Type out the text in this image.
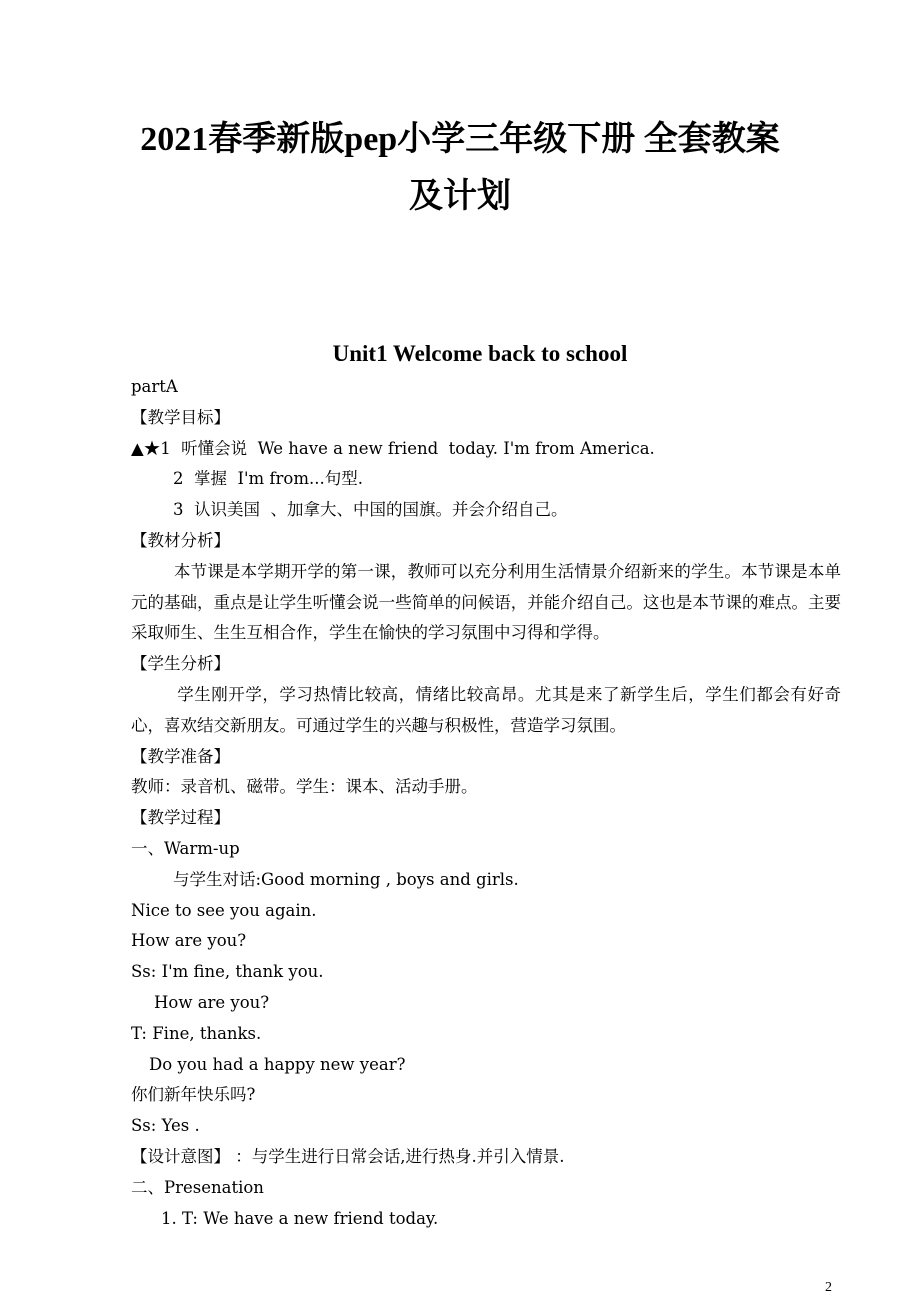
2021春季新版pep小学三年级下册 全套教案
及计划
Unit1 Welcome back to school
partA
【教学目标】
▲★1  听懂会说  We have a new friend  today. I'm from America.
2  掌握  I'm from...句型.
3  认识美国  、加拿大、中国的国旗。并会介绍自己。
【教材分析】
本节课是本学期开学的第一课，教师可以充分利用生活情景介绍新来的学生。本节课是本单元的基础，重点是让学生听懂会说一些简单的问候语，并能介绍自己。这也是本节课的难点。主要采取师生、生生互相合作，学生在愉快的学习氛围中习得和学得。
【学生分析】
学生刚开学，学习热情比较高，情绪比较高昂。尤其是来了新学生后，学生们都会有好奇心，喜欢结交新朋友。可通过学生的兴趣与积极性，营造学习氛围。
【教学准备】
教师：录音机、磁带。学生：课本、活动手册。
【教学过程】
一、Warm-up
与学生对话:Good morning , boys and girls.
Nice to see you again.
How are you?
Ss: I'm fine, thank you.
How are you?
T: Fine, thanks.
Do you had a happy new year?
你们新年快乐吗?
Ss: Yes .
【设计意图】 ：与学生进行日常会话,进行热身.并引入情景.
二、Presenation
1. T: We have a new friend today.
2
